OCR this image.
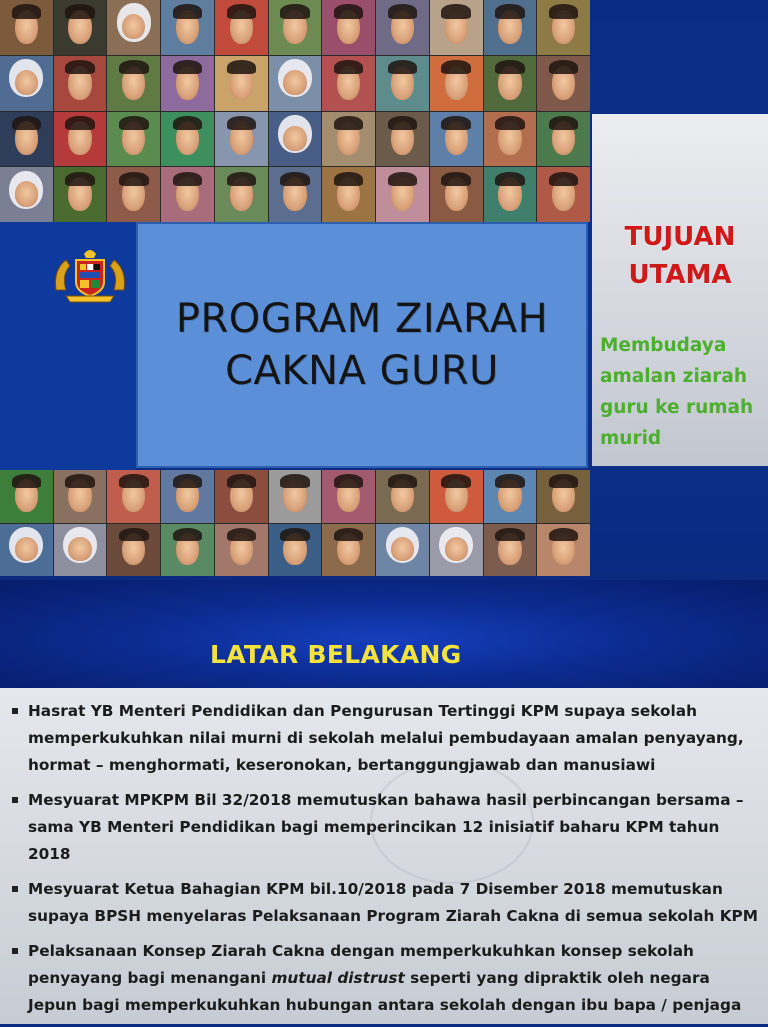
PROGRAM ZIARAH
CAKNA GURU
TUJUAN
UTAMA
Membudaya amalan ziarah guru ke rumah murid
LATAR BELAKANG
Hasrat YB Menteri Pendidikan dan Pengurusan Tertinggi KPM supaya sekolah memperkukuhkan nilai murni di sekolah melalui pembudayaan amalan penyayang, hormat – menghormati, keseronokan, bertanggungjawab dan manusiawi
Mesyuarat MPKPM Bil 32/2018 memutuskan bahawa hasil perbincangan bersama – sama YB Menteri Pendidikan bagi memperincikan 12 inisiatif baharu KPM tahun 2018
Mesyuarat Ketua Bahagian KPM bil.10/2018 pada 7 Disember 2018 memutuskan supaya BPSH menyelaras Pelaksanaan Program Ziarah Cakna di semua sekolah KPM
Pelaksanaan Konsep Ziarah Cakna dengan memperkukuhkan konsep sekolah penyayang bagi menangani mutual distrust seperti yang dipraktik oleh negara Jepun bagi memperkukuhkan hubungan antara sekolah dengan ibu bapa / penjaga
